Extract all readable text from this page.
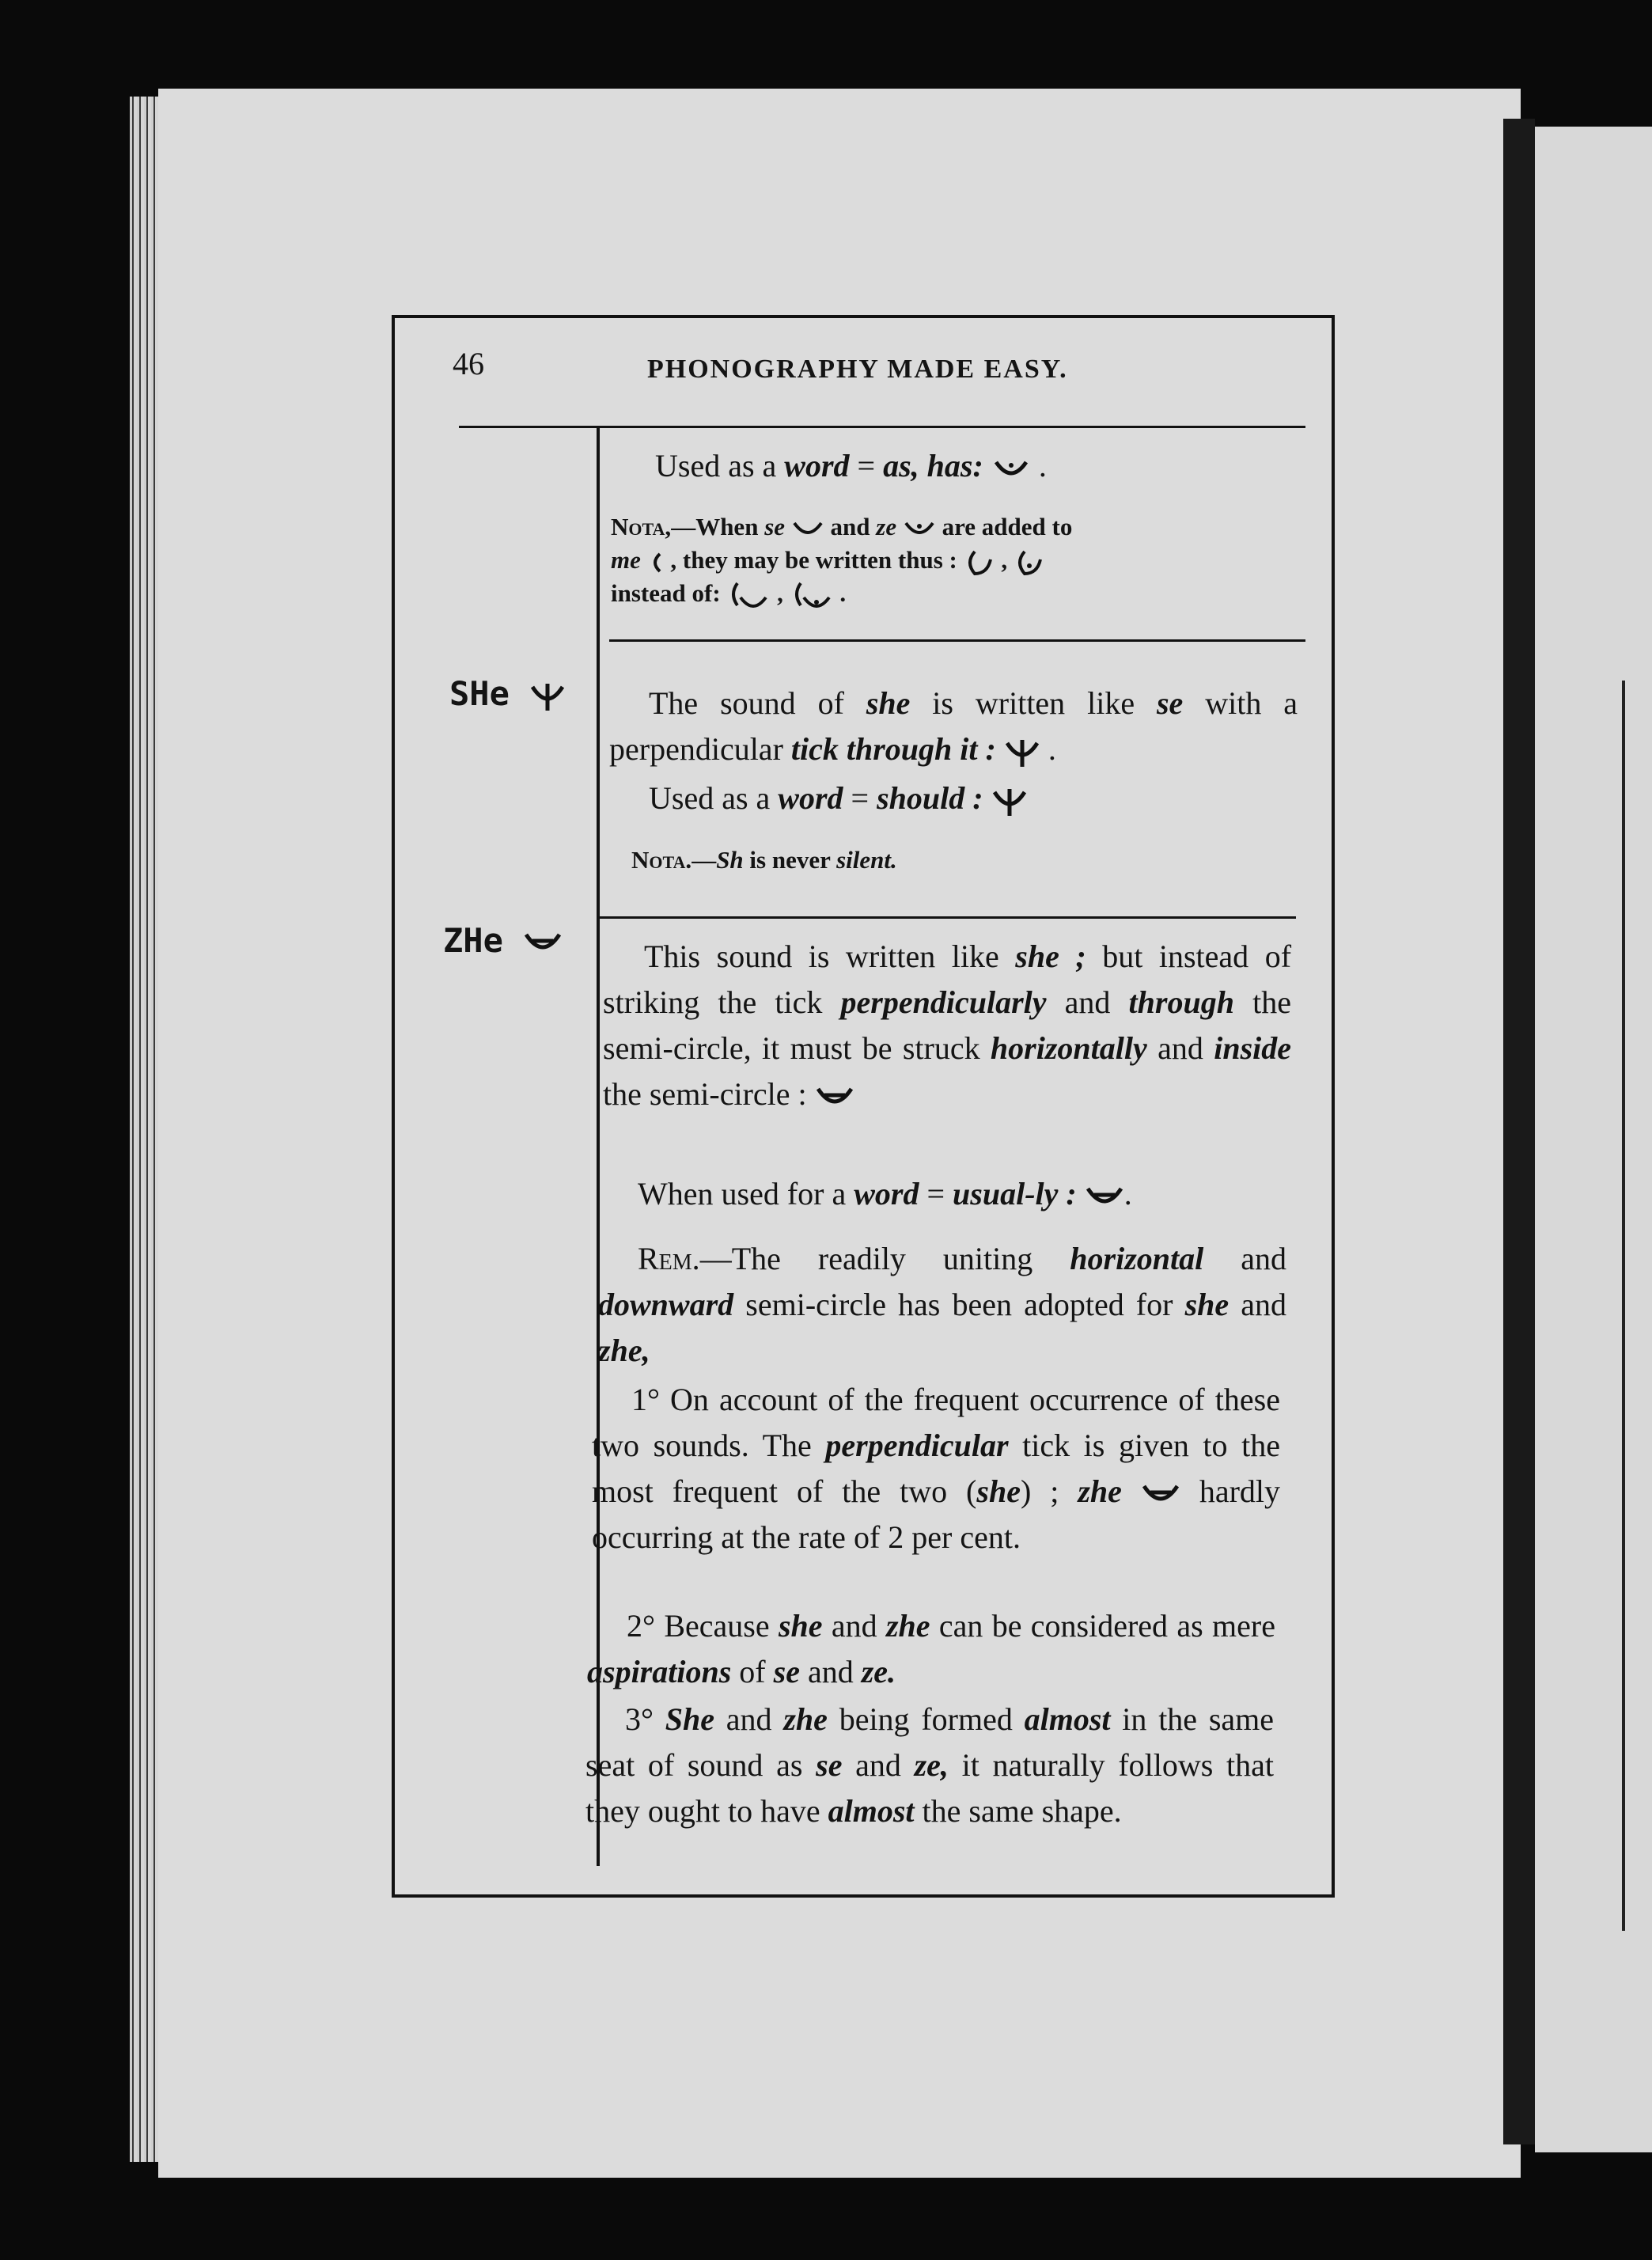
46	PHONOGRAPHY MADE EASY.

Used as a word = as, has:  .

Nota,—When se  and ze  are added to
me  , they may be written thus :  ,
instead of:  ,  .

SHe	The sound of she is written like se with a perpendicular tick through it :  .

Used as a word = should :

Nota.—Sh is never silent.

ZHe	This sound is written like she ; but instead of striking the tick perpendicularly and through the semi-circle, it must be struck horizontally and inside the semi-circle :

When used for a word = usual-ly : .

Rem.—The readily uniting horizontal and downward semi-circle has been adopted for she and zhe,

1° On account of the frequent occurrence of these two sounds. The perpendicular tick is given to the most frequent of the two (she) ; zhe  hardly occurring at the rate of 2 per cent.

2° Because she and zhe can be considered as mere aspirations of se and ze.

3° She and zhe being formed almost in the same seat of sound as se and ze, it naturally follows that they ought to have almost the same shape.
